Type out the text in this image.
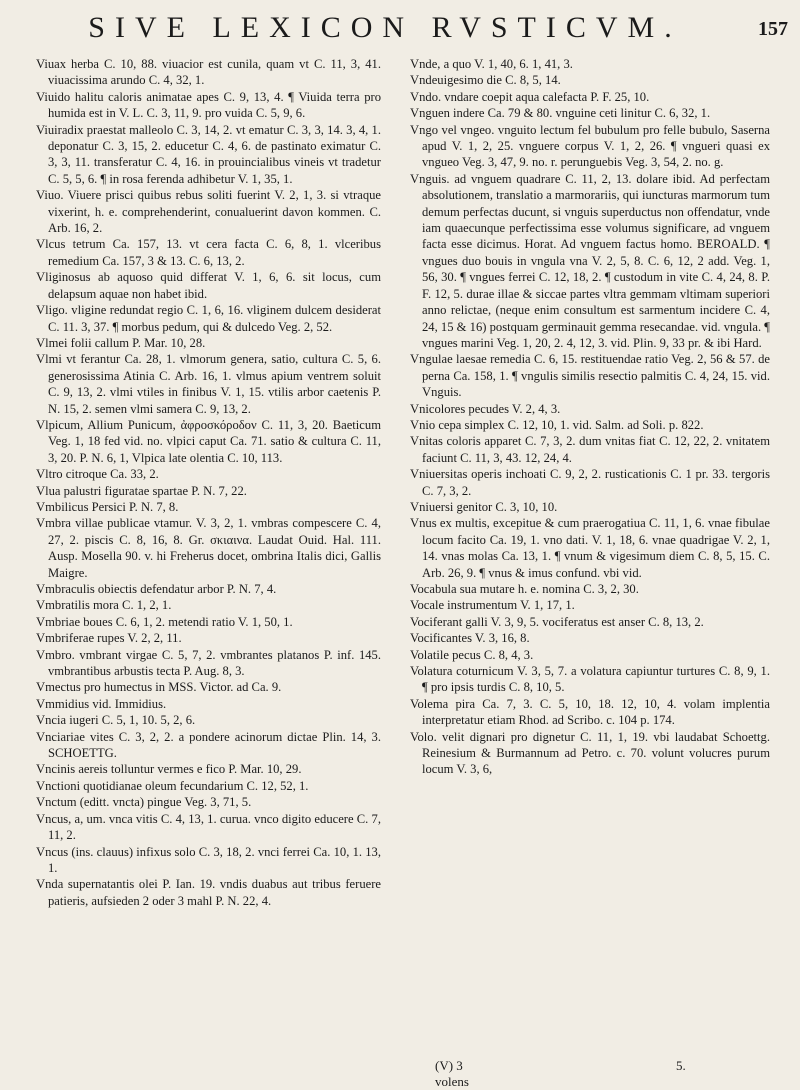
SIVE LEXICON RVSTICVM.	157

Viuax herba C. 10, 88. viuacior est cunila, quam vt C. 11, 3, 41. viuacissima arundo C. 4, 32, 1.

Viuido halitu caloris animatae apes C. 9, 13, 4. ¶ Viuida terra pro humida est in V. L. C. 3, 11, 9. pro vuida C. 5, 9, 6.

Viuiradix praestat malleolo C. 3, 14, 2. vt ematur C. 3, 3, 14. 3, 4, 1. deponatur C. 3, 15, 2. educetur C. 4, 6. de pastinato eximatur C. 3, 3, 11. transferatur C. 4, 16. in prouincialibus vineis vt tradetur C. 5, 5, 6. ¶ in rosa ferenda adhibetur V. 1, 35, 1.

Viuo. Viuere prisci quibus rebus soliti fuerint V. 2, 1, 3. si vtraque vixerint, h. e. comprehenderint, conualuerint davon kommen. C. Arb. 16, 2.

Vlcus tetrum Ca. 157, 13. vt cera facta C. 6, 8, 1. vlceribus remedium Ca. 157, 3 & 13. C. 6, 13, 2.

Vliginosus ab aquoso quid differat V. 1, 6, 6. sit locus, cum delapsum aquae non habet ibid.

Vligo. vligine redundat regio C. 1, 6, 16. vliginem dulcem desiderat C. 11. 3, 37. ¶ morbus pedum, qui & dulcedo Veg. 2, 52.

Vlmei folii callum P. Mar. 10, 28.

Vlmi vt ferantur Ca. 28, 1. vlmorum genera, satio, cultura C. 5, 6. generosissima Atinia C. Arb. 16, 1. vlmus apium ventrem soluit C. 9, 13, 2. vlmi vtiles in finibus V. 1, 15. vtilis arbor caetenis P. N. 15, 2. semen vlmi samera C. 9, 13, 2.

Vlpicum, Allium Punicum, ἀφροσκόροδον C. 11, 3, 20. Baeticum Veg. 1, 18 fed vid. no. vlpici caput Ca. 71. satio & cultura C. 11, 3, 20. P. N. 6, 1, Vlpica late olentia C. 10, 113.

Vltro citroque Ca. 33, 2.

Vlua palustri figuratae spartae P. N. 7, 22.

Vmbilicus Persici P. N. 7, 8.

Vmbra villae publicae vtamur. V. 3, 2, 1. vmbras compescere C. 4, 27, 2. piscis C. 8, 16, 8. Gr. σκιαινα. Laudat Ouid. Hal. 111. Ausp. Mosella 90. v. hi Freherus docet, ombrina Italis dici, Gallis Maigre.

Vmbraculis obiectis defendatur arbor P. N. 7, 4.

Vmbratilis mora C. 1, 2, 1.

Vmbriae boues C. 6, 1, 2. metendi ratio V. 1, 50, 1.

Vmbriferae rupes V. 2, 2, 11.

Vmbro. vmbrant virgae C. 5, 7, 2. vmbrantes platanos P. inf. 145. vmbrantibus arbustis tecta P. Aug. 8, 3.

Vmectus pro humectus in MSS. Victor. ad Ca. 9.

Vmmidius vid. Immidius.

Vncia iugeri C. 5, 1, 10. 5, 2, 6.

Vnciariae vites C. 3, 2, 2. a pondere acinorum dictae Plin. 14, 3. SCHOETTG.

Vncinis aereis tolluntur vermes e fico P. Mar. 10, 29.

Vnctioni quotidianae oleum fecundarium C. 12, 52, 1.

Vnctum (editt. vncta) pingue Veg. 3, 71, 5.

Vncus, a, um. vnca vitis C. 4, 13, 1. curua. vnco digito educere C. 7, 11, 2.

Vncus (ins. clauus) infixus solo C. 3, 18, 2. vnci ferrei Ca. 10, 1. 13, 1.

Vnda supernatantis olei P. Ian. 19. vndis duabus aut tribus feruere patieris, aufsieden 2 oder 3 mahl P. N. 22, 4.

Vnde, a quo V. 1, 40, 6. 1, 41, 3.

Vndeuigesimo die C. 8, 5, 14.

Vndo. vndare coepit aqua calefacta P. F. 25, 10.

Vnguen indere Ca. 79 & 80. vnguine ceti linitur C. 6, 32, 1.

Vngo vel vngeo. vnguito lectum fel bubulum pro felle bubulo, Saserna apud V. 1, 2, 25. vnguere corpus V. 1, 2, 26. ¶ vngueri quasi ex vngueo Veg. 3, 47, 9. no. r. perunguebis Veg. 3, 54, 2. no. g.

Vnguis. ad vnguem quadrare C. 11, 2, 13. dolare ibid. Ad perfectam absolutionem, translatio a marmorariis, qui iuncturas marmorum tum demum perfectas ducunt, si vnguis superductus non offendatur, vnde iam quaecunque perfectissima esse volumus significare, ad vnguem facta esse dicimus. Horat. Ad vnguem factus homo. BEROALD. ¶ vngues duo bouis in vngula vna V. 2, 5, 8. C. 6, 12, 2 add. Veg. 1, 56, 30. ¶ vngues ferrei C. 12, 18, 2. ¶ custodum in vite C. 4, 24, 8. P. F. 12, 5. durae illae & siccae partes vltra gemmam vltimam superiori anno relictae, (neque enim consultum est sarmentum incidere C. 4, 24, 15 & 16) postquam germinauit gemma resecandae. vid. vngula. ¶ vngues marini Veg. 1, 20, 2. 4, 12, 3. vid. Plin. 9, 33 pr. & ibi Hard.

Vngulae laesae remedia C. 6, 15. restituendae ratio Veg. 2, 56 & 57. de perna Ca. 158, 1. ¶ vngulis similis resectio palmitis C. 4, 24, 15. vid. Vnguis.

Vnicolores pecudes V. 2, 4, 3.

Vnio cepa simplex C. 12, 10, 1. vid. Salm. ad Soli. p. 822.

Vnitas coloris apparet C. 7, 3, 2. dum vnitas fiat C. 12, 22, 2. vnitatem faciunt C. 11, 3, 43. 12, 24, 4.

Vniuersitas operis inchoati C. 9, 2, 2. rusticationis C. 1 pr. 33. tergoris C. 7, 3, 2.

Vniuersi genitor C. 3, 10, 10.

Vnus ex multis, excepitue & cum praerogatiua C. 11, 1, 6. vnae fibulae locum facito Ca. 19, 1. vno dati. V. 1, 18, 6. vnae quadrigae V. 2, 1, 14. vnas molas Ca. 13, 1. ¶ vnum & vigesimum diem C. 8, 5, 15. C. Arb. 26, 9. ¶ vnus & imus confund. vbi vid.

Vocabula sua mutare h. e. nomina C. 3, 2, 30.

Vocale instrumentum V. 1, 17, 1.

Vociferant galli V. 3, 9, 5. vociferatus est anser C. 8, 13, 2.

Vocificantes V. 3, 16, 8.

Volatile pecus C. 8, 4, 3.

Volatura coturnicum V. 3, 5, 7. a volatura capiuntur turtures C. 8, 9, 1. ¶ pro ipsis turdis C. 8, 10, 5.

Volema pira Ca. 7, 3. C. 5, 10, 18. 12, 10, 4. volam implentia interpretatur etiam Rhod. ad Scribo. c. 104 p. 174.

Volo. velit dignari pro dignetur C. 11, 1, 19. vbi laudabat Schoettg. Reinesium & Burmannum ad Petro. c. 70. volunt volucres purum locum V. 3, 6,

(V) 3	5. volens
